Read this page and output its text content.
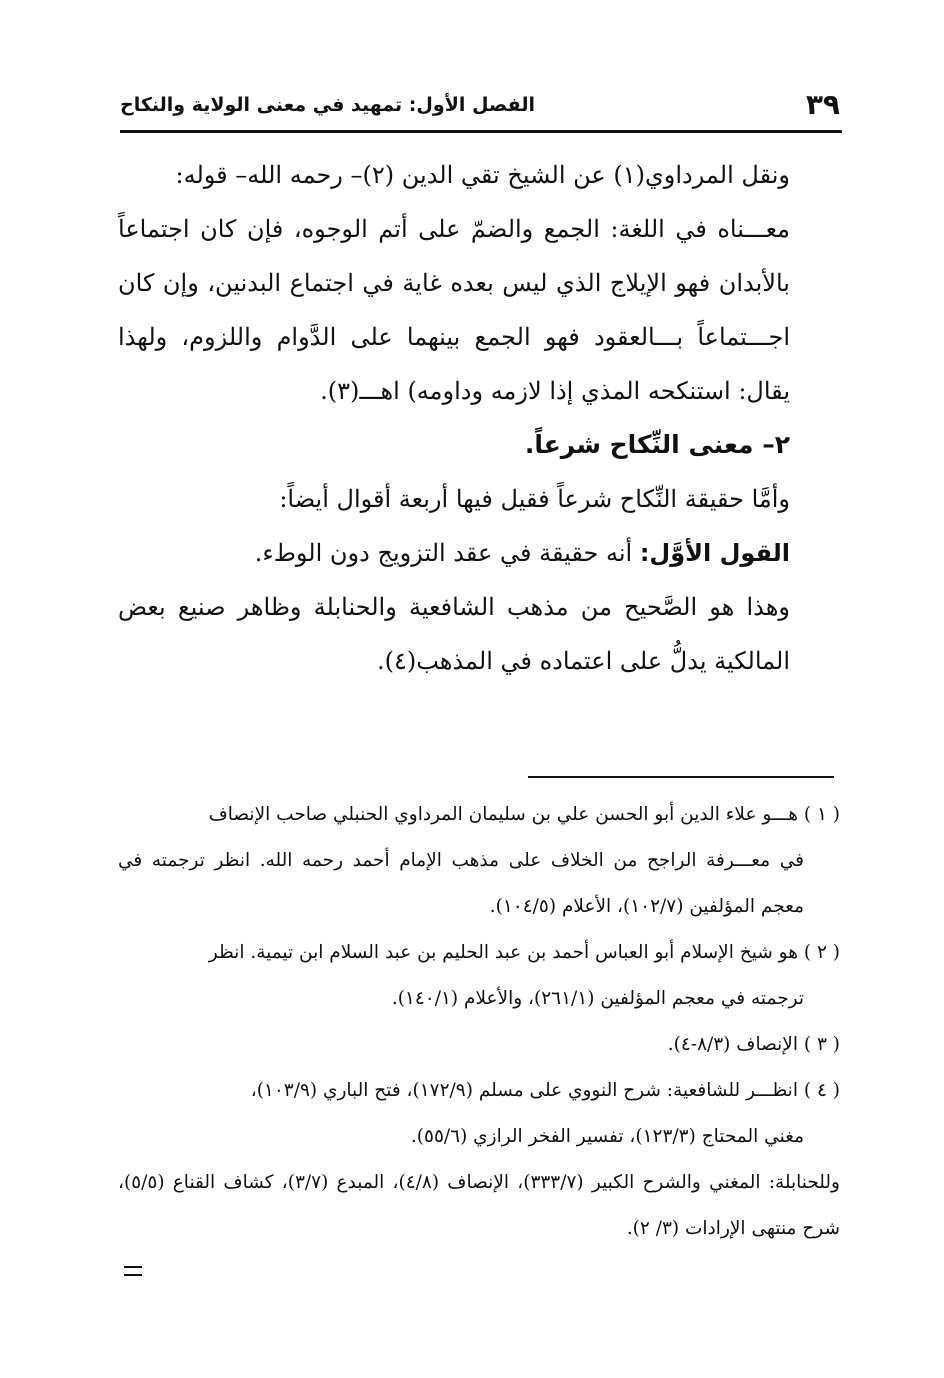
٣٩
الفصل الأول: تمهيد في معنى الولاية والنكاح

ونقل المرداوي(١) عن الشيخ تقي الدين (٢)– رحمه الله– قوله:

معـــناه في اللغة: الجمع والضمّ على أتم الوجوه، فإن كان اجتماعاً بالأبدان فهو الإيلاج الذي ليس بعده غاية في اجتماع البدنين، وإن كان اجـــتماعاً بـــالعقود فهو الجمع بينهما على الدَّوام واللزوم، ولهذا يقال: استنكحه المذي إذا لازمه وداومه) اهـــ(٣).

٢– معنى النِّكاح شرعاً.

وأمَّا حقيقة النِّكاح شرعاً فقيل فيها أربعة أقوال أيضاً:

القول الأوَّل: أنه حقيقة في عقد التزويج دون الوطء.

وهذا هو الصَّحيح من مذهب الشافعية والحنابلة وظاهر صنيع بعض المالكية يدلُّ على اعتماده في المذهب(٤).

( ١ ) هـــو علاء الدين أبو الحسن علي بن سليمان المرداوي الحنبلي صاحب الإنصاف

في معـــرفة الراجح من الخلاف على مذهب الإمام أحمد رحمه الله. انظر ترجمته في معجم المؤلفين (١٠٢/٧)، الأعلام (١٠٤/٥).

( ٢ ) هو شيخ الإسلام أبو العباس أحمد بن عبد الحليم بن عبد السلام ابن تيمية. انظر

ترجمته في معجم المؤلفين (٢٦١/١)، والأعلام (١٤٠/١).

( ٣ ) الإنصاف (٨/٣-٤).

( ٤ ) انظـــر للشافعية: شرح النووي على مسلم (١٧٢/٩)، فتح الباري (١٠٣/٩)،

مغني المحتاج (١٢٣/٣)، تفسير الفخر الرازي (٥٥/٦).

وللحنابلة: المغني والشرح الكبير (٣٣٣/٧)، الإنصاف (٤/٨)، المبدع (٣/٧)، كشاف القناع (٥/٥)، شرح منتهى الإرادات (٣/ ٢).
